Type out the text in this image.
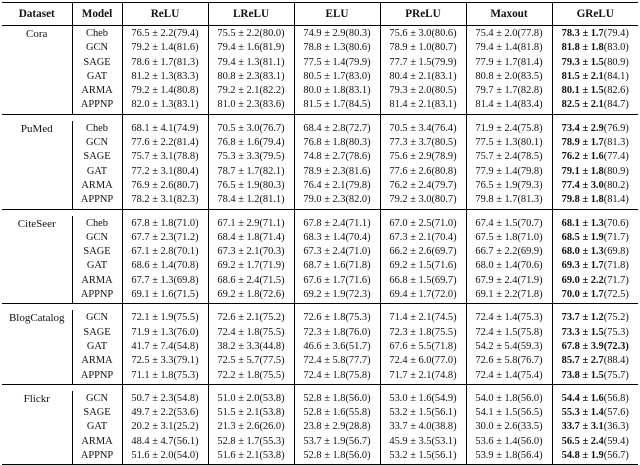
Dataset	Model	ReLU	LReLU	ELU	PReLU	Maxout	GReLU
Cora	Cheb	76.5 ± 2.2(79.4)	75.5 ± 2.2(80.0)	74.9 ± 2.9(80.3)	75.6 ± 3.0(80.6)	75.4 ± 2.0(77.8)	78.3 ± 1.7(79.4)
	GCN	79.2 ± 1.4(81.6)	79.4 ± 1.6(81.9)	78.8 ± 1.3(80.6)	78.9 ± 1.0(80.7)	79.4 ± 1.4(81.8)	81.8 ± 1.8(83.0)
	SAGE	78.6 ± 1.7(81.3)	79.4 ± 1.3(81.1)	77.5 ± 1.4(79.9)	77.7 ± 1.5(79.9)	77.9 ± 1.7(81.4)	79.3 ± 1.5(80.9)
	GAT	81.2 ± 1.3(83.3)	80.8 ± 2.3(83.1)	80.5 ± 1.7(83.0)	80.4 ± 2.1(83.1)	80.8 ± 2.0(83.5)	81.5 ± 2.1(84.1)
	ARMA	79.2 ± 1.4(80.8)	79.2 ± 2.1(82.2)	80.0 ± 1.8(83.1)	79.3 ± 2.0(80.5)	79.7 ± 1.7(82.8)	80.1 ± 1.5(82.6)
	APPNP	82.0 ± 1.3(83.1)	81.0 ± 2.3(83.6)	81.5 ± 1.7(84.5)	81.4 ± 2.1(83.1)	81.4 ± 1.4(83.4)	82.5 ± 2.1(84.7)

PuMed	Cheb	68.1 ± 4.1(74.9)	70.5 ± 3.0(76.7)	68.4 ± 2.8(72.7)	70.5 ± 3.4(76.4)	71.9 ± 2.4(75.8)	73.4 ± 2.9(76.9)
	GCN	77.6 ± 2.2(81.4)	76.8 ± 1.6(79.4)	76.8 ± 1.8(80.3)	77.3 ± 3.7(80.5)	77.5 ± 1.3(80.1)	78.9 ± 1.7(81.3)
	SAGE	75.7 ± 3.1(78.8)	75.3 ± 3.3(79.5)	74.8 ± 2.7(78.6)	75.6 ± 2.9(78.9)	75.7 ± 2.4(78.5)	76.2 ± 1.6(77.4)
	GAT	77.2 ± 3.1(80.4)	78.7 ± 1.7(82.1)	78.9 ± 2.3(81.6)	77.6 ± 2.6(80.8)	77.9 ± 1.4(79.8)	79.1 ± 1.8(80.9)
	ARMA	76.9 ± 2.6(80.7)	76.5 ± 1.9(80.3)	76.4 ± 2.1(79.8)	76.2 ± 2.4(79.7)	76.5 ± 1.9(79.3)	77.4 ± 3.0(80.2)
	APPNP	78.2 ± 3.1(82.3)	78.4 ± 1.2(81.1)	79.0 ± 2.3(82.0)	79.2 ± 3.0(80.7)	79.8 ± 1.7(81.3)	79.8 ± 1.8(81.4)

CiteSeer	Cheb	67.8 ± 1.8(71.0)	67.1 ± 2.9(71.1)	67.8 ± 2.4(71.1)	67.0 ± 2.5(71.0)	67.4 ± 1.5(70.7)	68.1 ± 1.3(70.6)
	GCN	67.7 ± 2.3(71.2)	68.4 ± 1.8(71.4)	68.3 ± 1.4(70.4)	67.3 ± 2.1(70.4)	67.5 ± 1.8(71.0)	68.5 ± 1.9(71.7)
	SAGE	67.1 ± 2.8(70.1)	67.3 ± 2.1(70.3)	67.3 ± 2.4(71.0)	66.2 ± 2.6(69.7)	66.7 ± 2.2(69.9)	68.0 ± 1.3(69.8)
	GAT	68.6 ± 1.4(70.8)	69.2 ± 1.7(71.9)	68.7 ± 1.6(71.8)	69.2 ± 1.5(71.6)	68.0 ± 1.4(70.6)	69.3 ± 1.7(71.8)
	ARMA	67.7 ± 1.3(69.8)	68.6 ± 2.4(71.5)	67.6 ± 1.7(71.6)	66.8 ± 1.5(69.7)	67.9 ± 2.4(71.9)	69.0 ± 2.2(71.7)
	APPNP	69.1 ± 1.6(71.5)	69.2 ± 1.8(72.6)	69.2 ± 1.9(72.3)	69.4 ± 1.7(72.0)	69.1 ± 2.2(71.8)	70.0 ± 1.7(72.5)

BlogCatalog	GCN	72.1 ± 1.9(75.5)	72.6 ± 2.1(75.2)	72.6 ± 1.8(75.3)	71.4 ± 2.1(74.5)	72.4 ± 1.4(75.3)	73.7 ± 1.2(75.2)
	SAGE	71.9 ± 1.3(76.0)	72.4 ± 1.8(75.5)	72.3 ± 1.8(76.0)	72.3 ± 1.8(75.5)	72.4 ± 1.5(75.8)	73.3 ± 1.5(75.3)
	GAT	41.7 ± 7.4(54.8)	38.2 ± 3.3(44.8)	46.6 ± 3.6(51.7)	67.6 ± 5.5(71.8)	54.2 ± 5.4(59.3)	67.8 ± 3.9(72.3)
	ARMA	72.5 ± 3.3(79.1)	72.5 ± 5.7(77.5)	72.4 ± 5.8(77.7)	72.4 ± 6.0(77.0)	72.6 ± 5.8(76.7)	85.7 ± 2.7(88.4)
	APPNP	71.1 ± 1.8(75.3)	72.2 ± 1.8(75.5)	72.4 ± 1.8(75.8)	71.7 ± 2.1(74.8)	72.4 ± 1.4(75.4)	73.8 ± 1.5(75.7)

Flickr	GCN	50.7 ± 2.3(54.8)	51.0 ± 2.0(53.8)	52.8 ± 1.8(56.0)	53.0 ± 1.6(54.9)	54.0 ± 1.8(56.0)	54.4 ± 1.6(56.8)
	SAGE	49.7 ± 2.2(53.6)	51.5 ± 2.1(53.8)	52.8 ± 1.6(55.8)	53.2 ± 1.5(56.1)	54.1 ± 1.5(56.5)	55.3 ± 1.4(57.6)
	GAT	20.2 ± 3.1(25.2)	21.3 ± 2.6(26.0)	23.8 ± 2.9(28.8)	33.7 ± 4.0(38.8)	30.0 ± 2.6(33.5)	33.7 ± 3.1(36.3)
	ARMA	48.4 ± 4.7(56.1)	52.8 ± 1.7(55.3)	53.7 ± 1.9(56.7)	45.9 ± 3.5(53.1)	53.6 ± 1.4(56.0)	56.5 ± 2.4(59.4)
	APPNP	51.6 ± 2.0(54.0)	51.6 ± 2.1(53.8)	52.8 ± 1.8(56.0)	53.2 ± 1.5(56.1)	53.9 ± 1.8(56.4)	54.8 ± 1.9(56.7)
